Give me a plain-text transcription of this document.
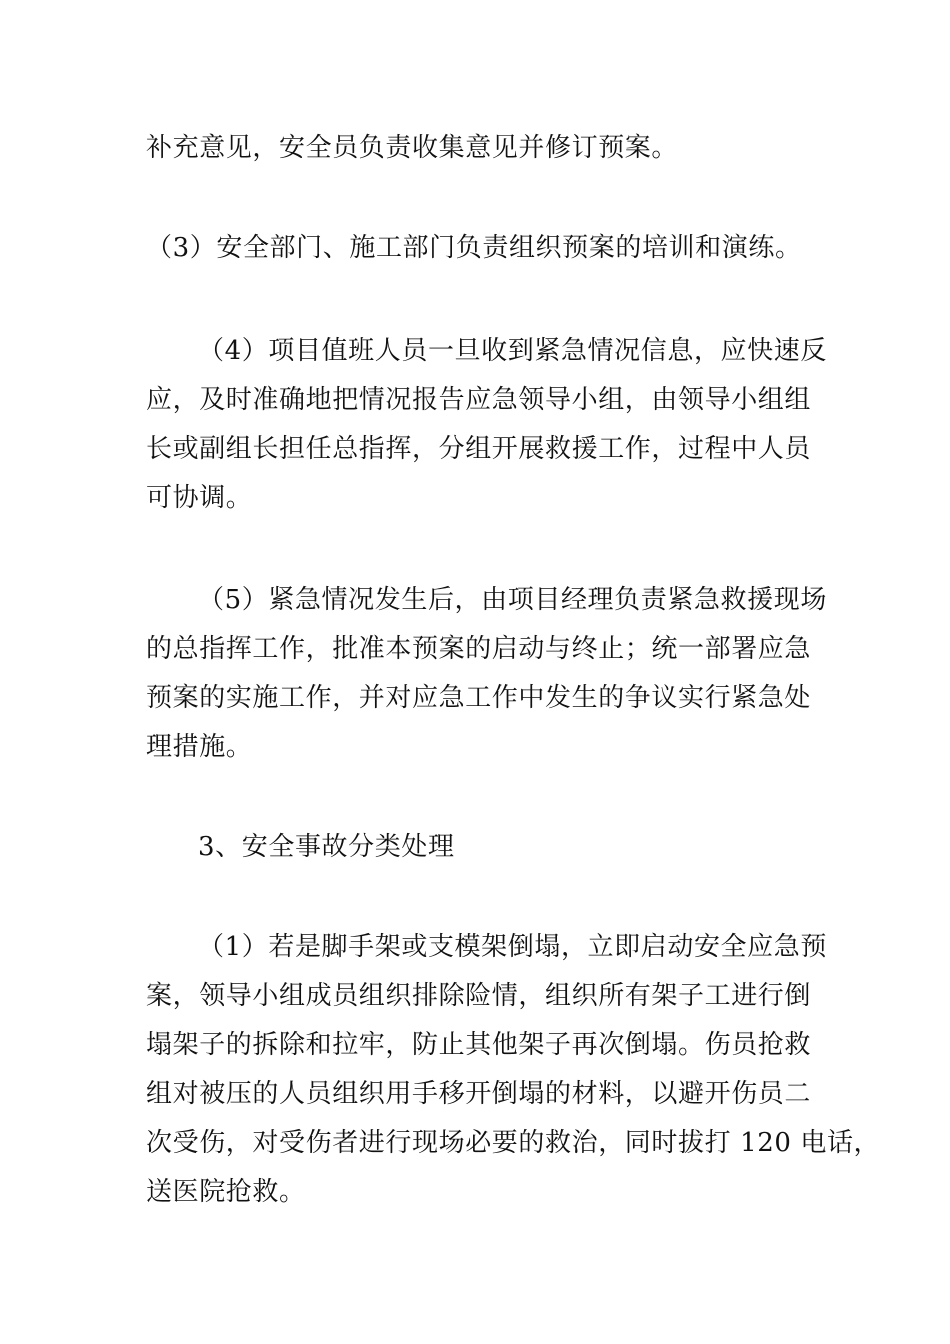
补充意见，安全员负责收集意见并修订预案。
（3）安全部门、施工部门负责组织预案的培训和演练。
（4）项目值班人员一旦收到紧急情况信息，应快速反
应，及时准确地把情况报告应急领导小组，由领导小组组
长或副组长担任总指挥，分组开展救援工作，过程中人员
可协调。
（5）紧急情况发生后，由项目经理负责紧急救援现场
的总指挥工作，批准本预案的启动与终止；统一部署应急
预案的实施工作，并对应急工作中发生的争议实行紧急处
理措施。
3、安全事故分类处理
（1）若是脚手架或支模架倒塌，立即启动安全应急预
案，领导小组成员组织排除险情，组织所有架子工进行倒
塌架子的拆除和拉牢，防止其他架子再次倒塌。伤员抢救
组对被压的人员组织用手移开倒塌的材料，以避开伤员二
次受伤，对受伤者进行现场必要的救治，同时拔打 120 电话，
送医院抢救。
